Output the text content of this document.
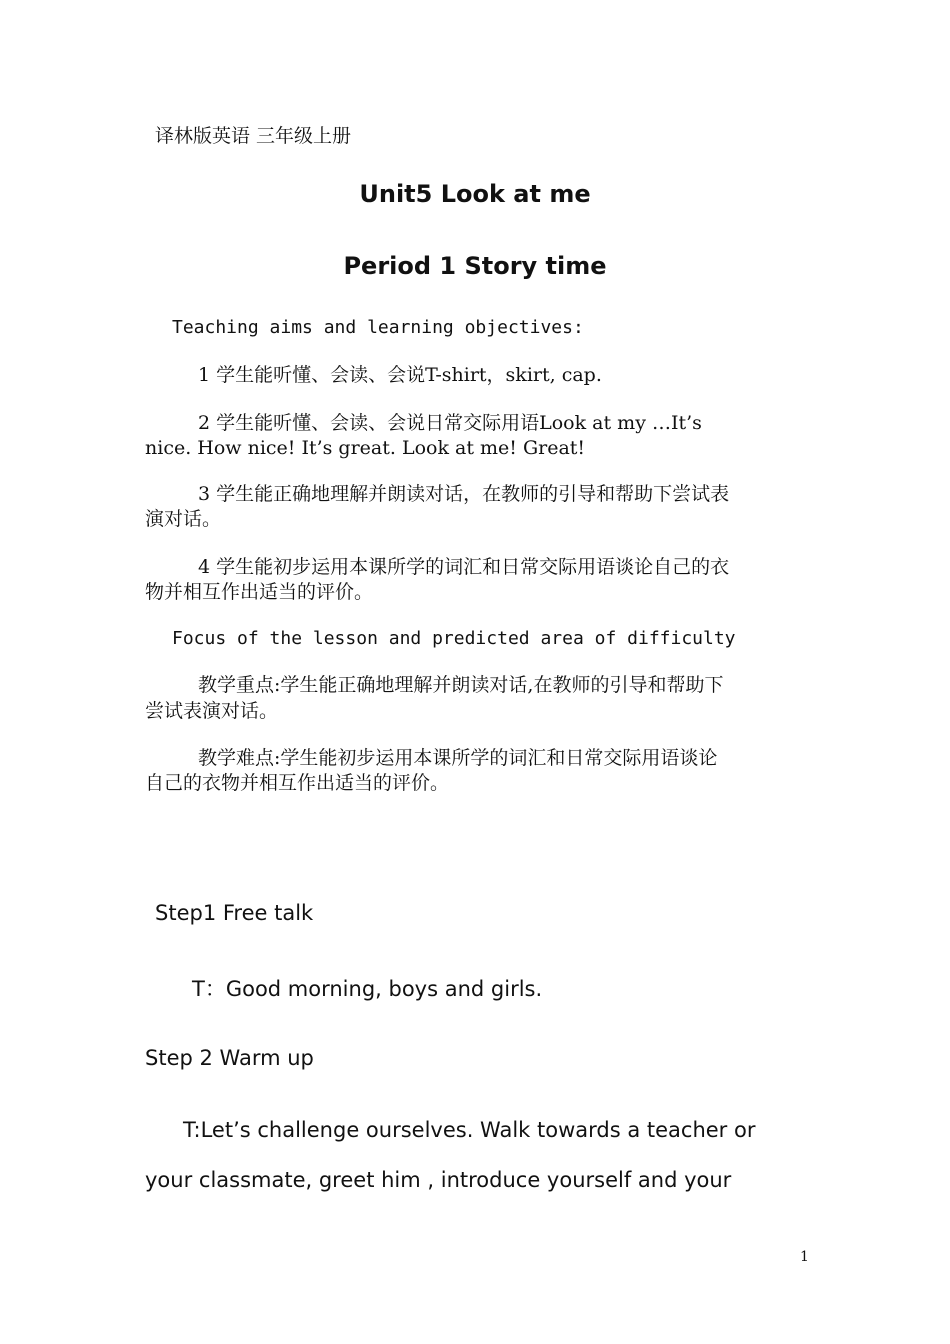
译林版英语 三年级上册

Unit5 Look at me
Period 1 Story time

Teaching aims and learning objectives:

1 学生能听懂、会读、会说T-shirt，skirt, cap.

2 学生能听懂、会读、会说日常交际用语Look at my …It’s

nice. How nice! It’s great. Look at me! Great!

3 学生能正确地理解并朗读对话，在教师的引导和帮助下尝试表

演对话。

4 学生能初步运用本课所学的词汇和日常交际用语谈论自己的衣

物并相互作出适当的评价。

Focus of the lesson and predicted area of difficulty

教学重点:学生能正确地理解并朗读对话,在教师的引导和帮助下

尝试表演对话。

教学难点:学生能初步运用本课所学的词汇和日常交际用语谈论

自己的衣物并相互作出适当的评价。

Step1 Free talk

T：Good morning, boys and girls.

Step 2 Warm up

T:Let’s challenge ourselves. Walk towards a teacher or

your classmate, greet him , introduce yourself and your

1
